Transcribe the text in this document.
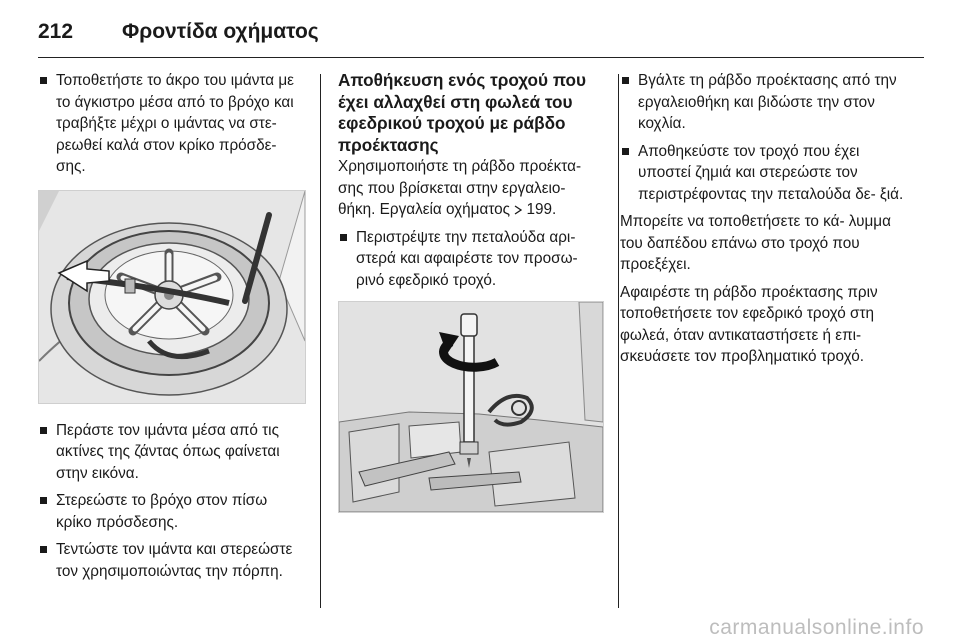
212 Φροντίδα οχήματος
Τοποθετήστε το άκρο του ιμάντα με το άγκιστρο μέσα από το βρόχο και τραβήξτε μέχρι ο ιμάντας να στε- ρεωθεί καλά στον κρίκο πρόσδε- σης.
Περάστε τον ιμάντα μέσα από τις ακτίνες της ζάντας όπως φαίνεται στην εικόνα.
Στερεώστε το βρόχο στον πίσω κρίκο πρόσδεσης.
Τεντώστε τον ιμάντα και στερεώστε τον χρησιμοποιώντας την πόρπη.
Αποθήκευση ενός τροχού που έχει αλλαχθεί στη φωλεά του εφεδρικού τροχού με ράβδο προέκτασης
Χρησιμοποιήστε τη ράβδο προέκτα- σης που βρίσκεται στην εργαλειο- θήκη. Εργαλεία οχήματος 199.
Περιστρέψτε την πεταλούδα αρι- στερά και αφαιρέστε τον προσω- ρινό εφεδρικό τροχό.
Βγάλτε τη ράβδο προέκτασης από την εργαλειοθήκη και βιδώστε την στον κοχλία.
Αποθηκεύστε τον τροχό που έχει υποστεί ζημιά και στερεώστε τον περιστρέφοντας την πεταλούδα δε- ξιά.
Μπορείτε να τοποθετήσετε το κά- λυμμα του δαπέδου επάνω στο τροχό που προεξέχει.
Αφαιρέστε τη ράβδο προέκτασης πριν τοποθετήσετε τον εφεδρικό τροχό στη φωλεά, όταν αντικαταστήσετε ή επι- σκευάσετε τον προβληματικό τροχό.
carmanualsonline.info
